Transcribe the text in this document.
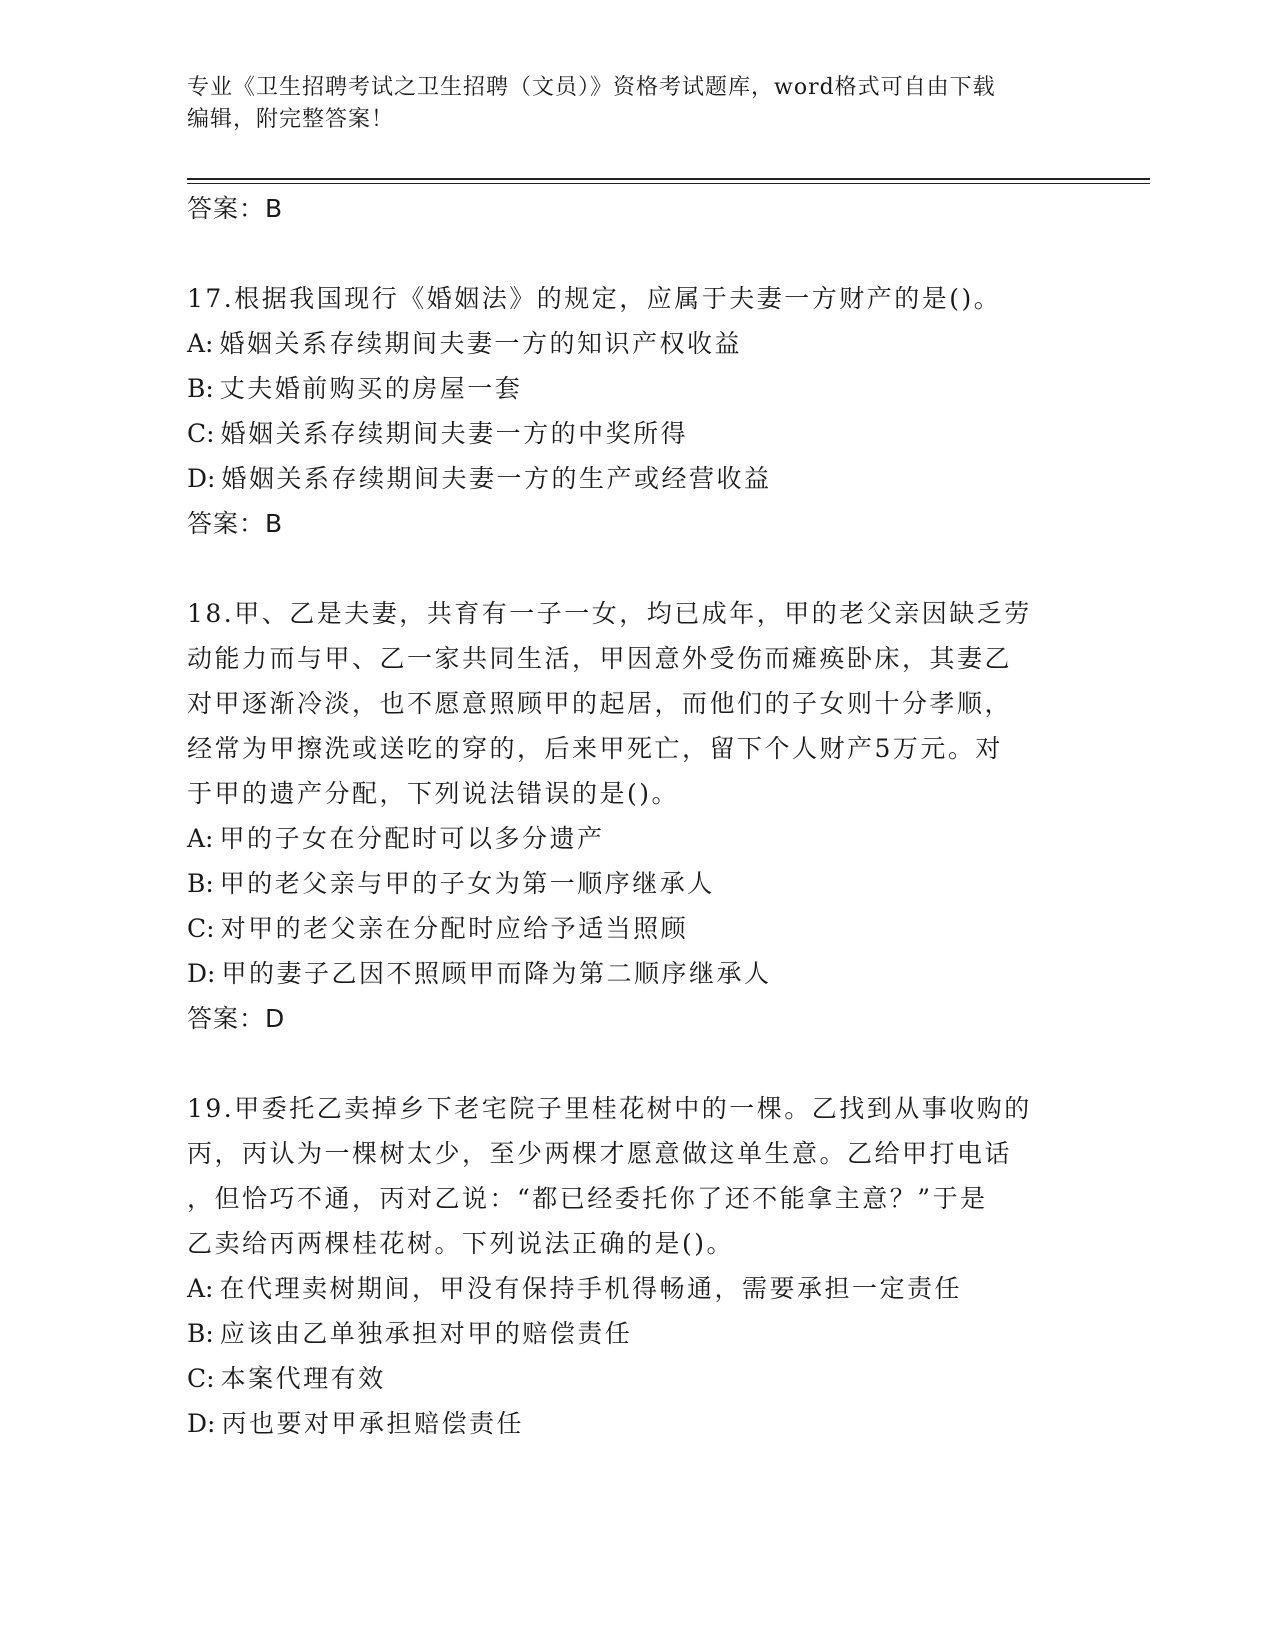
专业《卫生招聘考试之卫生招聘（文员）》资格考试题库，word格式可自由下载
编辑，附完整答案！
答案：B
17.根据我国现行《婚姻法》的规定，应属于夫妻一方财产的是()。
A: 婚姻关系存续期间夫妻一方的知识产权收益
B: 丈夫婚前购买的房屋一套
C: 婚姻关系存续期间夫妻一方的中奖所得
D: 婚姻关系存续期间夫妻一方的生产或经营收益
答案：B
18.甲、乙是夫妻，共育有一子一女，均已成年，甲的老父亲因缺乏劳
动能力而与甲、乙一家共同生活，甲因意外受伤而瘫痪卧床，其妻乙
对甲逐渐冷淡，也不愿意照顾甲的起居，而他们的子女则十分孝顺，
经常为甲擦洗或送吃的穿的，后来甲死亡，留下个人财产5万元。对
于甲的遗产分配，下列说法错误的是()。
A: 甲的子女在分配时可以多分遗产
B: 甲的老父亲与甲的子女为第一顺序继承人
C: 对甲的老父亲在分配时应给予适当照顾
D: 甲的妻子乙因不照顾甲而降为第二顺序继承人
答案：D
19.甲委托乙卖掉乡下老宅院子里桂花树中的一棵。乙找到从事收购的
丙，丙认为一棵树太少，至少两棵才愿意做这单生意。乙给甲打电话
，但恰巧不通，丙对乙说：“都已经委托你了还不能拿主意？”于是
乙卖给丙两棵桂花树。下列说法正确的是()。
A: 在代理卖树期间，甲没有保持手机得畅通，需要承担一定责任
B: 应该由乙单独承担对甲的赔偿责任
C: 本案代理有效
D: 丙也要对甲承担赔偿责任
